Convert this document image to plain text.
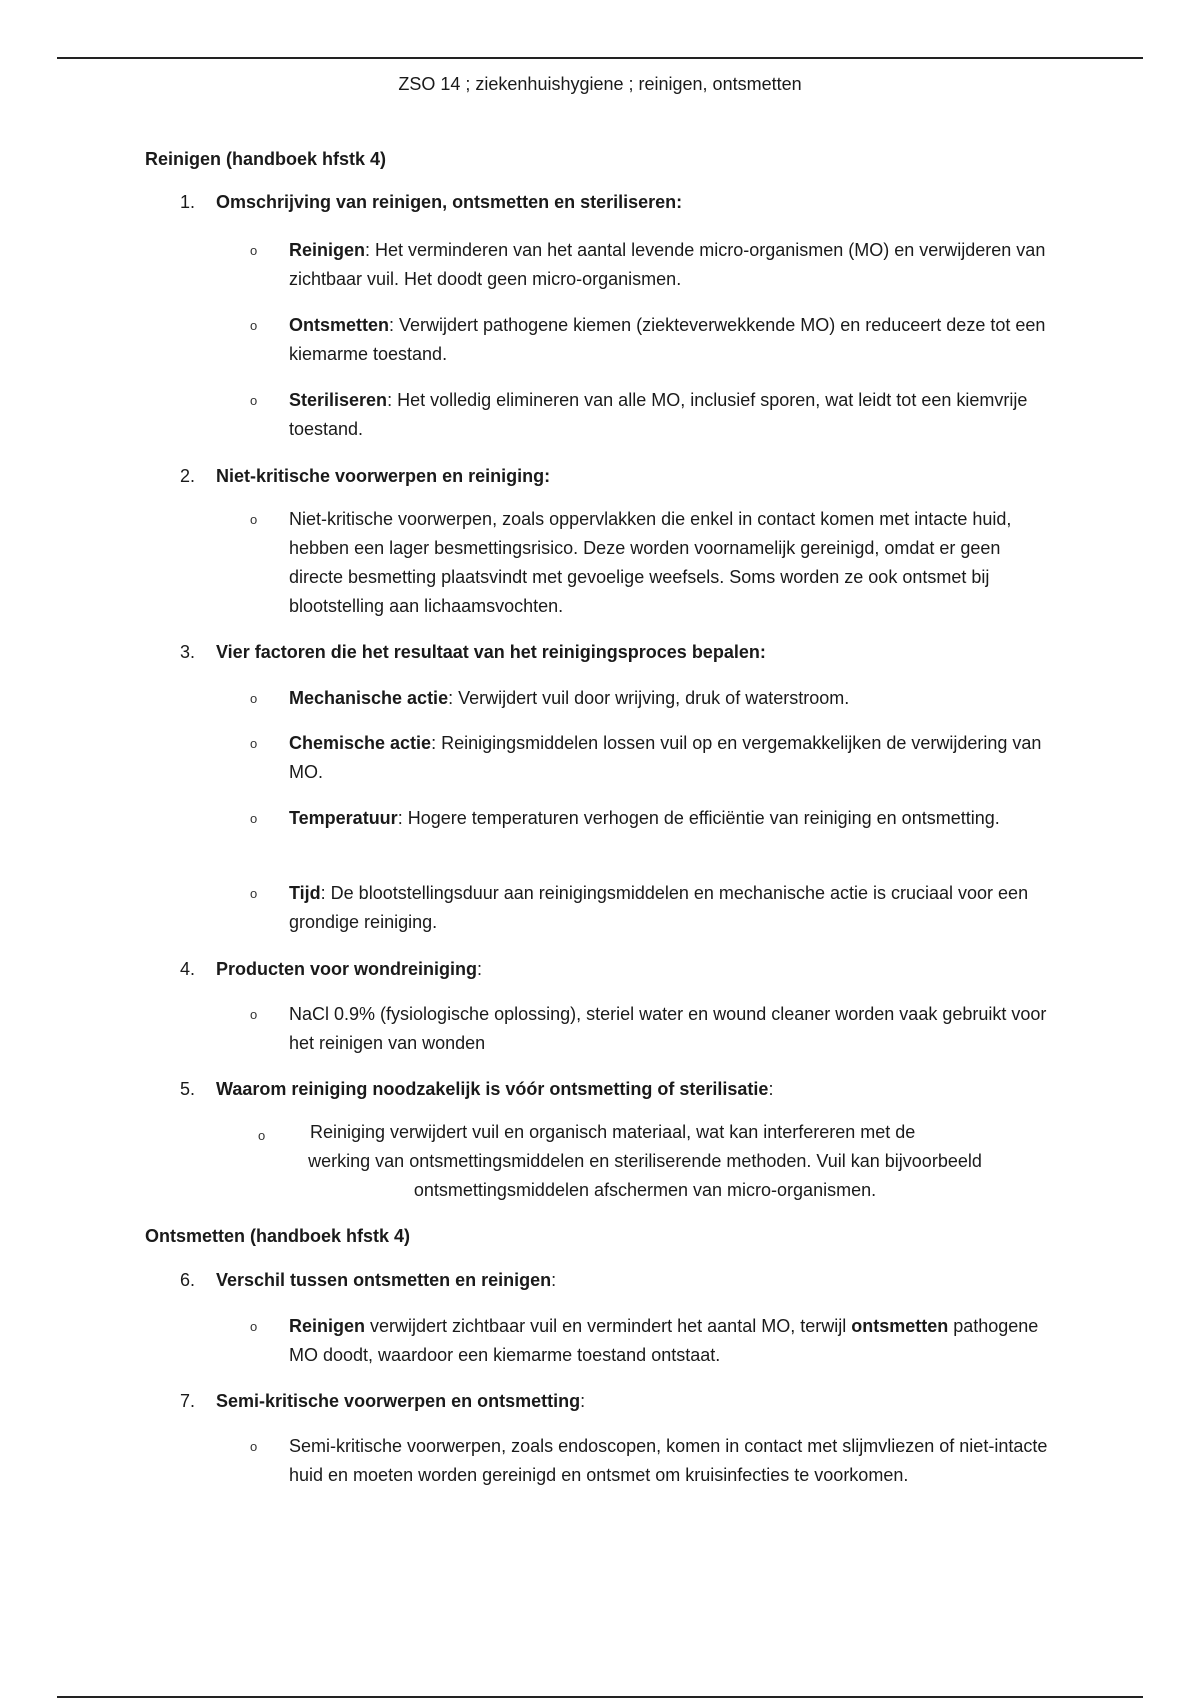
ZSO 14 ; ziekenhuishygiene ; reinigen, ontsmetten
Reinigen (handboek hfstk 4)
1.	Omschrijving van reinigen, ontsmetten en steriliseren:
o	Reinigen: Het verminderen van het aantal levende micro-organismen (MO) en verwijderen van zichtbaar vuil. Het doodt geen micro-organismen.
o	Ontsmetten: Verwijdert pathogene kiemen (ziekteverwekkende MO) en reduceert deze tot een kiemarme toestand.
o	Steriliseren: Het volledig elimineren van alle MO, inclusief sporen, wat leidt tot een kiemvrije toestand.
2.	Niet-kritische voorwerpen en reiniging:
o	Niet-kritische voorwerpen, zoals oppervlakken die enkel in contact komen met intacte huid, hebben een lager besmettingsrisico. Deze worden voornamelijk gereinigd, omdat er geen directe besmetting plaatsvindt met gevoelige weefsels. Soms worden ze ook ontsmet bij blootstelling aan lichaamsvochten.
3.	Vier factoren die het resultaat van het reinigingsproces bepalen:
o	Mechanische actie: Verwijdert vuil door wrijving, druk of waterstroom.
o	Chemische actie: Reinigingsmiddelen lossen vuil op en vergemakkelijken de verwijdering van MO.
o	Temperatuur: Hogere temperaturen verhogen de efficiëntie van reiniging en ontsmetting.
o	Tijd: De blootstellingsduur aan reinigingsmiddelen en mechanische actie is cruciaal voor een grondige reiniging.
4.	Producten voor wondreiniging:
o	NaCl 0.9% (fysiologische oplossing), steriel water en wound cleaner worden vaak gebruikt voor het reinigen van wonden
5.	Waarom reiniging noodzakelijk is vóór ontsmetting of sterilisatie:
o	Reiniging verwijdert vuil en organisch materiaal, wat kan interfereren met de
werking van ontsmettingsmiddelen en steriliserende methoden. Vuil kan bijvoorbeeld
ontsmettingsmiddelen afschermen van micro-organismen.
Ontsmetten (handboek hfstk 4)
6.	Verschil tussen ontsmetten en reinigen:
o	Reinigen verwijdert zichtbaar vuil en vermindert het aantal MO, terwijl ontsmetten pathogene MO doodt, waardoor een kiemarme toestand ontstaat.
7.	Semi-kritische voorwerpen en ontsmetting:
o	Semi-kritische voorwerpen, zoals endoscopen, komen in contact met slijmvliezen of niet-intacte huid en moeten worden gereinigd en ontsmet om kruisinfecties te voorkomen.
